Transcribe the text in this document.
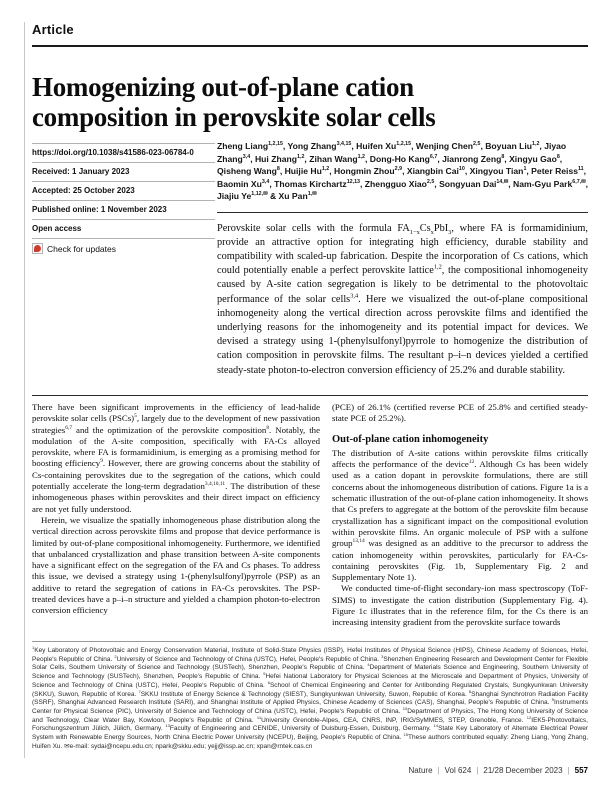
Article
Homogenizing out-of-plane cation composition in perovskite solar cells
https://doi.org/10.1038/s41586-023-06784-0
Received: 1 January 2023
Accepted: 25 October 2023
Published online: 1 November 2023
Open access
Check for updates

Zheng Liang$^{1,2,15}$, Yong Zhang$^{3,4,15}$, Huifen Xu$^{1,2,15}$, Wenjing Chen$^{2,5}$, Boyuan Liu$^{1,2}$, Jiyao Zhang$^{3,4}$, Hui Zhang$^{1,2}$, Zihan Wang$^{1,2}$, Dong-Ho Kang$^{6,7}$, Jianrong Zeng$^8$, Xingyu Gao$^8$, Qisheng Wang$^8$, Huijie Hu$^{1,2}$, Hongmin Zhou$^{2,9}$, Xiangbin Cai$^{10}$, Xingyou Tian$^1$, Peter Reiss$^{11}$, Baomin Xu$^{3,4}$, Thomas Kirchartz$^{12,13}$, Zhengguo Xiao$^{2,5}$, Songyuan Dai$^{14,✉}$, Nam-Gyu Park$^{6,7,✉}$, Jiajiu $Ye^{1,12,✉}$ & Xu Pan$^{1,✉}$

Perovskite solar cells with the formula $FA_{1-x}Cs_xPbI_3$, where FA is formamidinium, provide an attractive option for integrating high efficiency, durable stability and compatibility with scaled-up fabrication. Despite the incorporation of Cs cations, which could potentially enable a perfect perovskite lattice$^{1,2}$, the compositional inhomogeneity caused by A-site cation segregation is likely to be detrimental to the photovoltaic performance of the solar cells$^{3,4}$. Here we visualized the out-of-plane compositional inhomogeneity along the vertical direction across perovskite films and identified the underlying reasons for the inhomogeneity and its potential impact for devices. We devised a strategy using 1-(phenylsulfonyl)pyrrole to homogenize the distribution of cation composition in perovskite films. The resultant p–i–n devices yielded a certified steady-state photon-to-electron conversion efficiency of 25.2% and durable stability.

There have been significant improvements in the efficiency of lead-halide perovskite solar cells (PSCs)$^5$, largely due to the development of new passivation strategies$^{6,7}$ and the optimization of the perovskite composition$^8$. Notably, the modulation of the A-site composition, specifically with FA-Cs alloyed perovskite, where FA is formamidinium, is emerging as a promising method for boosting efficiency$^9$. However, there are growing concerns about the stability of Cs-containing perovskites due to the segregation of the cations, which could potentially accelerate the long-term degradation$^{3,4,10,11}$. The distribution of these inhomogeneous phases within perovskites and their direct impact on efficiency are not yet fully understood.

Herein, we visualize the spatially inhomogeneous phase distribution along the vertical direction across perovskite films and propose that device performance is limited by out-of-plane compositional inhomogeneity. Furthermore, we identified that unbalanced crystallization and phase transition between A-site components have a significant effect on the segregation of the FA and Cs phases. To address this issue, we devised a strategy using 1-(phenylsulfonyl)pyrrole (PSP) as an additive to retard the segregation of cations in FA-Cs perovskites. The PSP-treated devices have a p–i–n structure and yielded a champion photon-to-electron conversion efficiency

(PCE) of 26.1% (certified reverse PCE of 25.8% and certified steady-state PCE of 25.2%).

Out-of-plane cation inhomogeneity

The distribution of A-site cations within perovskite films critically affects the performance of the device$^{12}$. Although Cs has been widely used as a cation dopant in perovskite formulations, there are still concerns about the inhomogeneous distribution of cations. Figure 1a is a schematic illustration of the out-of-plane cation inhomogeneity. It shows that Cs prefers to aggregate at the bottom of the perovskite film because crystallization has a significant impact on the compositional evolution within perovskite films. An organic molecule of PSP with a sulfone group$^{13,14}$ was designed as an additive to the precursor to address the cation inhomogeneity within perovskites, particularly for FA-Cs-containing perovskites (Fig. 1b, Supplementary Fig. 2 and Supplementary Note 1).

We conducted time-of-flight secondary-ion mass spectroscopy (ToF-SIMS) to investigate the cation distribution (Supplementary Fig. 4). Figure 1c illustrates that in the reference film, for the Cs there is an increasing intensity gradient from the perovskite surface towards

$^1$Key Laboratory of Photovoltaic and Energy Conservation Material, Institute of Solid-State Physics (ISSP), Hefei Institutes of Physical Science (HIPS), Chinese Academy of Sciences, Hefei, People's Republic of China. $^2$University of Science and Technology of China (USTC), Hefei, People's Republic of China. $^3$Shenzhen Engineering Research and Development Center for Flexible Solar Cells, Southern University of Science and Technology (SUSTech), Shenzhen, People's Republic of China. $^4$Department of Materials Science and Engineering, Southern University of Science and Technology (SUSTech), Shenzhen, People's Republic of China. $^5$Hefei National Laboratory for Physical Sciences at the Microscale and Department of Physics, University of Science and Technology of China (USTC), Hefei, People's Republic of China. $^6$School of Chemical Engineering and Center for Antibonding Regulated Crystals, Sungkyunkwan University (SKKU), Suwon, Republic of Korea. $^7$SKKU Institute of Energy Science & Technology (SIEST), Sungkyunkwan University, Suwon, Republic of Korea. $^8$Shanghai Synchrotron Radiation Facility (SSRF), Shanghai Advanced Research Institute (SARI), and Shanghai Institute of Applied Physics, Chinese Academy of Sciences (CAS), Shanghai, People's Republic of China. $^9$Instruments Center for Physical Science (PIC), University of Science and Technology of China (USTC), Hefei, People's Republic of China. $^{10}$Department of Physics, The Hong Kong University of Science and Technology, Clear Water Bay, Kowloon, People's Republic of China. $^{11}$University Grenoble-Alpes, CEA, CNRS, INP, IRIG/SyMMES, STEP, Grenoble, France. $^{12}$IEK5-Photovoltaics, Forschungszentrum Jülich, Jülich, Germany. $^{13}$Faculty of Engineering and CENIDE, University of Duisburg-Essen, Duisburg, Germany. $^{14}$State Key Laboratory of Alternate Electrical Power System with Renewable Energy Sources, North China Electric Power University (NCEPU), Beijing, People's Republic of China. $^{15}$These authors contributed equally: Zheng Liang, Yong Zhang, Huifen Xu. ✉e-mail: sydai@ncepu.edu.cn; npark@skku.edu; yejj@issp.ac.cn; xpan@rntek.cas.cn
Nature | Vol 624 | 21/28 December 2023 | 557
